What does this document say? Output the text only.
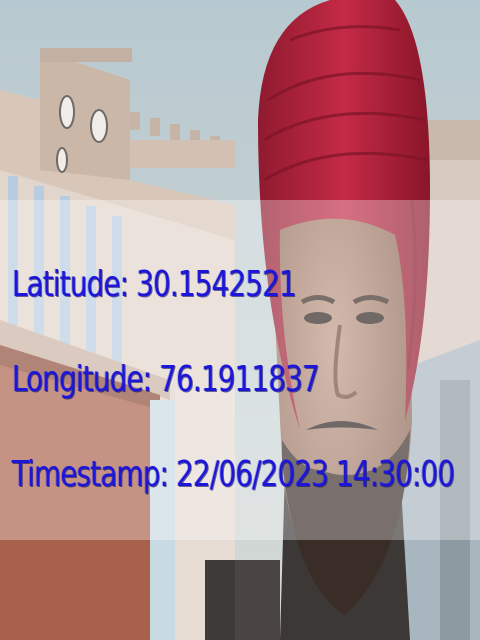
Latitude: 30.1542521
Longitude: 76.1911837
Timestamp: 22/06/2023 14:30:00
